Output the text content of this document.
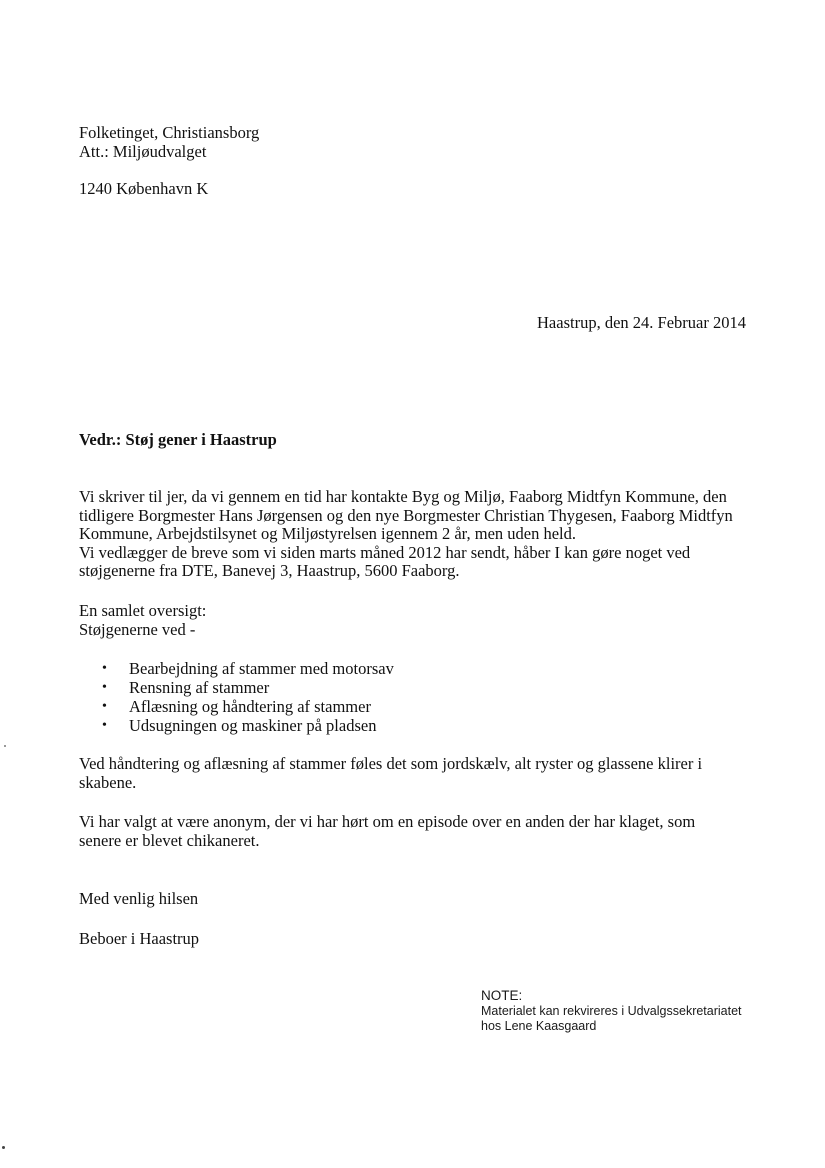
Folketinget, Christiansborg
Att.: Miljøudvalget
1240 København K
Haastrup, den 24. Februar 2014
Vedr.: Støj gener i Haastrup
Vi skriver til jer, da vi gennem en tid har kontakte Byg og Miljø, Faaborg Midtfyn Kommune, den
tidligere Borgmester Hans Jørgensen og den nye Borgmester Christian Thygesen, Faaborg Midtfyn
Kommune, Arbejdstilsynet og Miljøstyrelsen igennem 2 år, men uden held.
Vi vedlægger de breve som vi siden marts måned 2012 har sendt, håber I kan gøre noget ved
støjgenerne fra DTE, Banevej 3, Haastrup, 5600 Faaborg.
En samlet oversigt:
Støjgenerne ved -
• Bearbejdning af stammer med motorsav
• Rensning af stammer
• Aflæsning og håndtering af stammer
• Udsugningen og maskiner på pladsen
Ved håndtering og aflæsning af stammer føles det som jordskælv, alt ryster og glassene klirer i
skabene.
Vi har valgt at være anonym, der vi har hørt om en episode over en anden der har klaget, som
senere er blevet chikaneret.
Med venlig hilsen
Beboer i Haastrup
NOTE:
Materialet kan rekvireres i Udvalgssekretariatet
hos Lene Kaasgaard
